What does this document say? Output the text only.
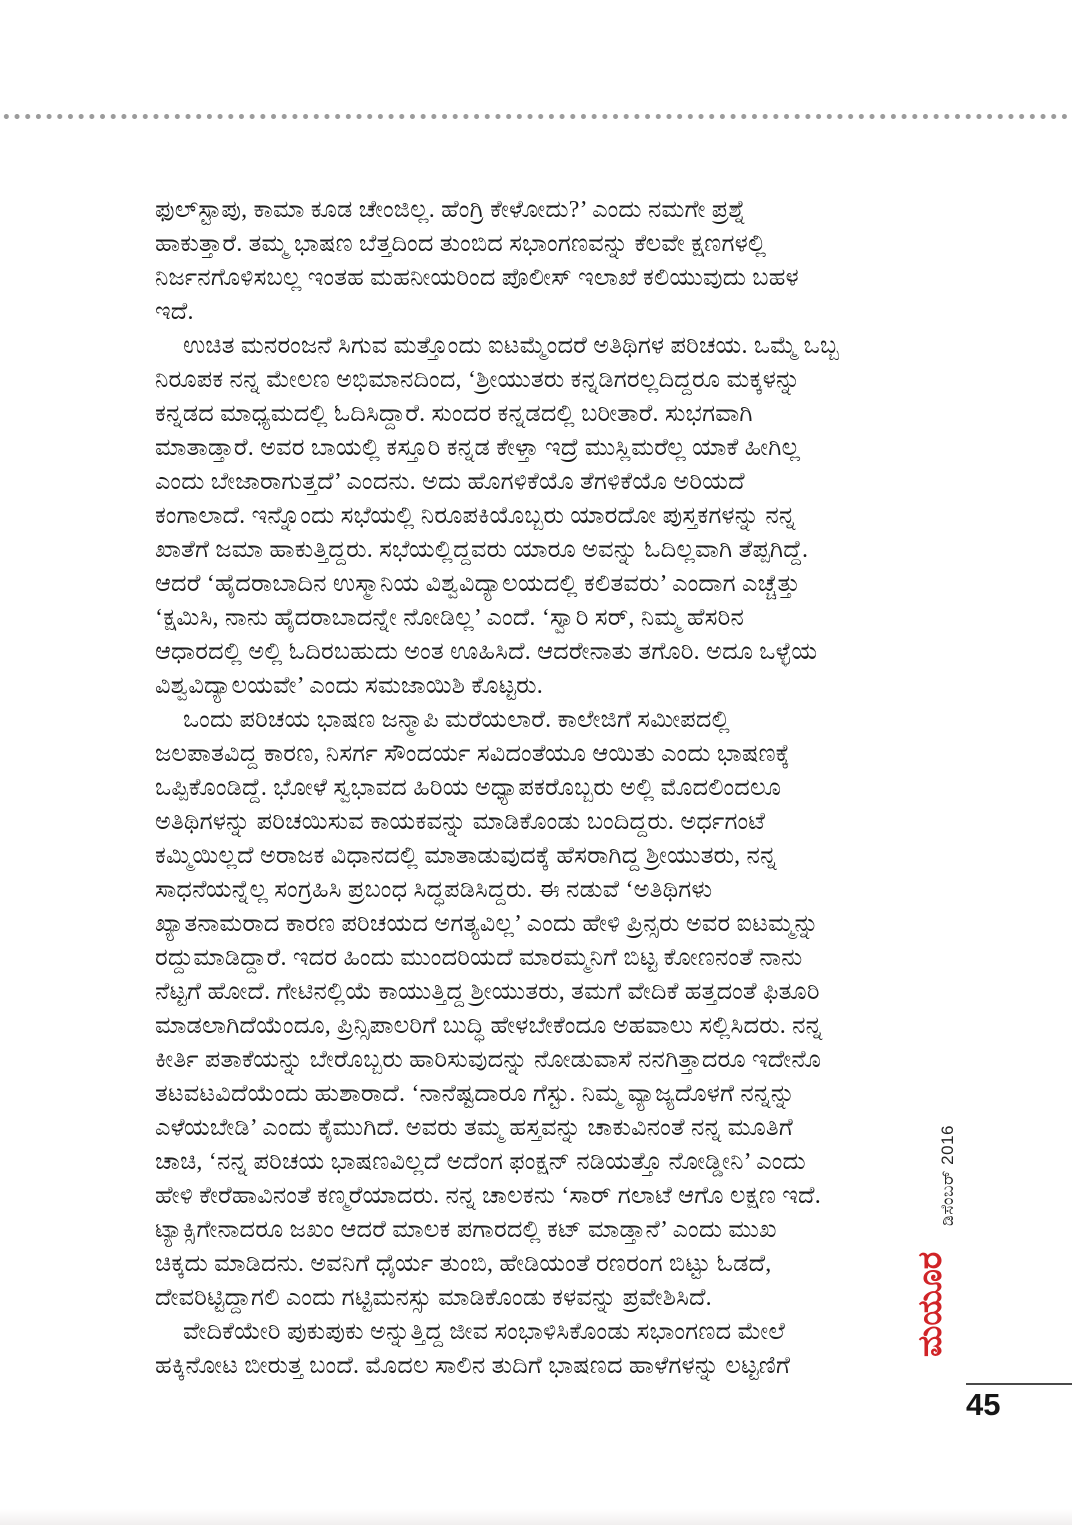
ಫುಲ್‌ಸ್ಟಾಪು, ಕಾಮಾ ಕೂಡ ಚೇಂಜಿಲ್ಲ. ಹೆಂಗ್ರಿ ಕೇಳೋದು?’ ಎಂದು ನಮಗೇ ಪ್ರಶ್ನೆ
ಹಾಕುತ್ತಾರೆ. ತಮ್ಮ ಭಾಷಣ ಬೆತ್ತದಿಂದ ತುಂಬಿದ ಸಭಾಂಗಣವನ್ನು ಕೆಲವೇ ಕ್ಷಣಗಳಲ್ಲಿ
ನಿರ್ಜನಗೊಳಿಸಬಲ್ಲ ಇಂತಹ ಮಹನೀಯರಿಂದ ಪೊಲೀಸ್ ಇಲಾಖೆ ಕಲಿಯುವುದು ಬಹಳ
ಇದೆ.
ಉಚಿತ ಮನರಂಜನೆ ಸಿಗುವ ಮತ್ತೊಂದು ಐಟಮ್ಮೆಂದರೆ ಅತಿಥಿಗಳ ಪರಿಚಯ. ಒಮ್ಮೆ ಒಬ್ಬ
ನಿರೂಪಕ ನನ್ನ ಮೇಲಣ ಅಭಿಮಾನದಿಂದ, ‘ಶ್ರೀಯುತರು ಕನ್ನಡಿಗರಲ್ಲದಿದ್ದರೂ ಮಕ್ಕಳನ್ನು
ಕನ್ನಡದ ಮಾಧ್ಯಮದಲ್ಲಿ ಓದಿಸಿದ್ದಾರೆ. ಸುಂದರ ಕನ್ನಡದಲ್ಲಿ ಬರೀತಾರೆ. ಸುಭಗವಾಗಿ
ಮಾತಾಡ್ತಾರೆ. ಅವರ ಬಾಯಲ್ಲಿ ಕಸ್ತೂರಿ ಕನ್ನಡ ಕೇಳ್ತಾ ಇದ್ರೆ ಮುಸ್ಲಿಮರೆಲ್ಲ ಯಾಕೆ ಹೀಗಿಲ್ಲ
ಎಂದು ಬೇಜಾರಾಗುತ್ತದೆ’ ಎಂದನು. ಅದು ಹೊಗಳಿಕೆಯೊ ತೆಗಳಿಕೆಯೊ ಅರಿಯದೆ
ಕಂಗಾಲಾದೆ. ಇನ್ನೊಂದು ಸಭೆಯಲ್ಲಿ ನಿರೂಪಕಿಯೊಬ್ಬರು ಯಾರದೋ ಪುಸ್ತಕಗಳನ್ನು ನನ್ನ
ಖಾತೆಗೆ ಜಮಾ ಹಾಕುತ್ತಿದ್ದರು. ಸಭೆಯಲ್ಲಿದ್ದವರು ಯಾರೂ ಅವನ್ನು ಓದಿಲ್ಲವಾಗಿ ತೆಪ್ಪಗಿದ್ದೆ.
ಆದರೆ ‘ಹೈದರಾಬಾದಿನ ಉಸ್ಮಾನಿಯ ವಿಶ್ವವಿದ್ಯಾಲಯದಲ್ಲಿ ಕಲಿತವರು’ ಎಂದಾಗ ಎಚ್ಚೆತ್ತು
‘ಕ್ಷಮಿಸಿ, ನಾನು ಹೈದರಾಬಾದನ್ನೇ ನೋಡಿಲ್ಲ’ ಎಂದೆ. ‘ಸ್ವಾರಿ ಸರ್, ನಿಮ್ಮ ಹೆಸರಿನ
ಆಧಾರದಲ್ಲಿ ಅಲ್ಲಿ ಓದಿರಬಹುದು ಅಂತ ಊಹಿಸಿದೆ. ಆದರೇನಾತು ತಗೊರಿ. ಅದೂ ಒಳ್ಳೆಯ
ವಿಶ್ವವಿದ್ಯಾಲಯವೇ’ ಎಂದು ಸಮಜಾಯಿಶಿ ಕೊಟ್ಟರು.
ಒಂದು ಪರಿಚಯ ಭಾಷಣ ಜನ್ಮಾಪಿ ಮರೆಯಲಾರೆ. ಕಾಲೇಜಿಗೆ ಸಮೀಪದಲ್ಲಿ
ಜಲಪಾತವಿದ್ದ ಕಾರಣ, ನಿಸರ್ಗ ಸೌಂದರ್ಯ ಸವಿದಂತೆಯೂ ಆಯಿತು ಎಂದು ಭಾಷಣಕ್ಕೆ
ಒಪ್ಪಿಕೊಂಡಿದ್ದೆ. ಭೋಳೆ ಸ್ವಭಾವದ ಹಿರಿಯ ಅಧ್ಯಾಪಕರೊಬ್ಬರು ಅಲ್ಲಿ ಮೊದಲಿಂದಲೂ
ಅತಿಥಿಗಳನ್ನು ಪರಿಚಯಿಸುವ ಕಾಯಕವನ್ನು ಮಾಡಿಕೊಂಡು ಬಂದಿದ್ದರು. ಅರ್ಧಗಂಟೆ
ಕಮ್ಮಿಯಿಲ್ಲದೆ ಅರಾಜಕ ವಿಧಾನದಲ್ಲಿ ಮಾತಾಡುವುದಕ್ಕೆ ಹೆಸರಾಗಿದ್ದ ಶ್ರೀಯುತರು, ನನ್ನ
ಸಾಧನೆಯನ್ನೆಲ್ಲ ಸಂಗ್ರಹಿಸಿ ಪ್ರಬಂಧ ಸಿದ್ಧಪಡಿಸಿದ್ದರು. ಈ ನಡುವೆ ‘ಅತಿಥಿಗಳು
ಖ್ಯಾತನಾಮರಾದ ಕಾರಣ ಪರಿಚಯದ ಅಗತ್ಯವಿಲ್ಲ’ ಎಂದು ಹೇಳಿ ಪ್ರಿನ್ಸರು ಅವರ ಐಟಮ್ಮನ್ನು
ರದ್ದುಮಾಡಿದ್ದಾರೆ. ಇದರ ಹಿಂದು ಮುಂದರಿಯದೆ ಮಾರಮ್ಮನಿಗೆ ಬಿಟ್ಟ ಕೋಣನಂತೆ ನಾನು
ನೆಟ್ಟಗೆ ಹೋದೆ. ಗೇಟಿನಲ್ಲಿಯೆ ಕಾಯುತ್ತಿದ್ದ ಶ್ರೀಯುತರು, ತಮಗೆ ವೇದಿಕೆ ಹತ್ತದಂತೆ ಫಿತೂರಿ
ಮಾಡಲಾಗಿದೆಯೆಂದೂ, ಪ್ರಿನ್ಸಿಪಾಲರಿಗೆ ಬುದ್ಧಿ ಹೇಳಬೇಕೆಂದೂ ಅಹವಾಲು ಸಲ್ಲಿಸಿದರು. ನನ್ನ
ಕೀರ್ತಿ ಪತಾಕೆಯನ್ನು ಬೇರೊಬ್ಬರು ಹಾರಿಸುವುದನ್ನು ನೋಡುವಾಸೆ ನನಗಿತ್ತಾದರೂ ಇದೇನೊ
ತಟವಟವಿದೆಯೆಂದು ಹುಶಾರಾದೆ. ‘ನಾನೆಷ್ಟದಾರೂ ಗೆಸ್ಟು. ನಿಮ್ಮ ವ್ಯಾಜ್ಯದೊಳಗೆ ನನ್ನನ್ನು
ಎಳೆಯಬೇಡಿ’ ಎಂದು ಕೈಮುಗಿದೆ. ಅವರು ತಮ್ಮ ಹಸ್ತವನ್ನು ಚಾಕುವಿನಂತೆ ನನ್ನ ಮೂತಿಗೆ
ಚಾಚಿ, ‘ನನ್ನ ಪರಿಚಯ ಭಾಷಣವಿಲ್ಲದೆ ಅದೆಂಗ ಫಂಕ್ಷನ್ ನಡಿಯತ್ತೊ ನೋಡ್ಡೀನಿ’ ಎಂದು
ಹೇಳಿ ಕೇರೆಹಾವಿನಂತೆ ಕಣ್ಮರೆಯಾದರು. ನನ್ನ ಚಾಲಕನು ‘ಸಾರ್ ಗಲಾಟೆ ಆಗೊ ಲಕ್ಷಣ ಇದೆ.
ಟ್ಯಾಕ್ಸಿಗೇನಾದರೂ ಜಖಂ ಆದರೆ ಮಾಲಕ ಪಗಾರದಲ್ಲಿ ಕಟ್ ಮಾಡ್ತಾನೆ’ ಎಂದು ಮುಖ
ಚಿಕ್ಕದು ಮಾಡಿದನು. ಅವನಿಗೆ ಧೈರ್ಯ ತುಂಬಿ, ಹೇಡಿಯಂತೆ ರಣರಂಗ ಬಿಟ್ಟು ಓಡದೆ,
ದೇವರಿಟ್ಟಿದ್ದಾಗಲಿ ಎಂದು ಗಟ್ಟಿಮನಸ್ಸು ಮಾಡಿಕೊಂಡು ಕಳವನ್ನು ಪ್ರವೇಶಿಸಿದೆ.
ವೇದಿಕೆಯೇರಿ ಪುಕುಪುಕು ಅನ್ನುತ್ತಿದ್ದ ಜೀವ ಸಂಭಾಳಿಸಿಕೊಂಡು ಸಭಾಂಗಣದ ಮೇಲೆ
ಹಕ್ಕಿನೋಟ ಬೀರುತ್ತ ಬಂದೆ. ಮೊದಲ ಸಾಲಿನ ತುದಿಗೆ ಭಾಷಣದ ಹಾಳೆಗಳನ್ನು ಲಟ್ಟಣಿಗೆ
ಡಿಸೆಂಬರ್ 2016
ಮಯೂರ
45
